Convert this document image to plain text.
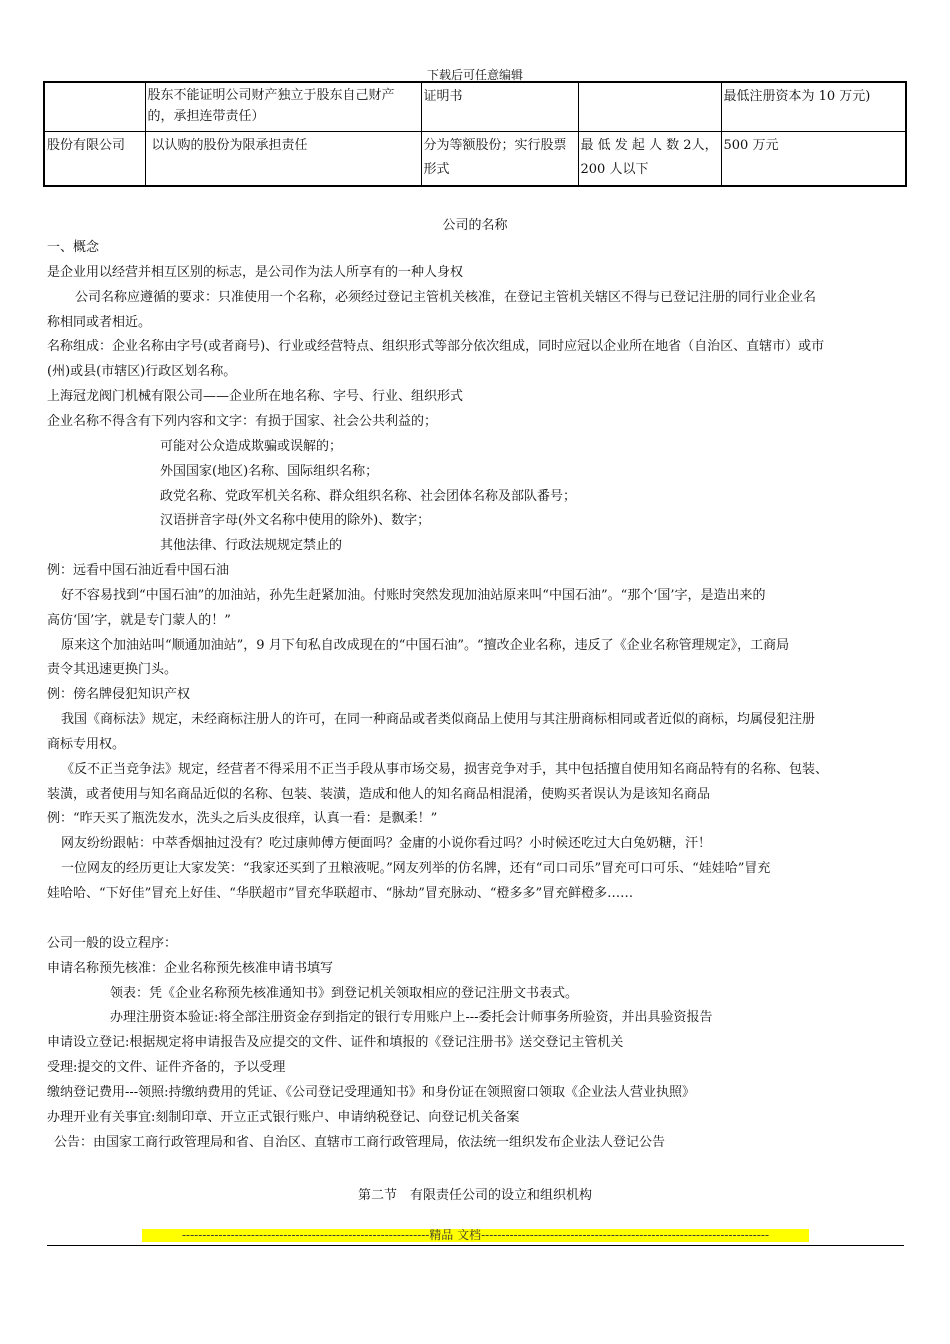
下载后可任意编辑
	股东不能证明公司财产独立于股东自己财产的，承担连带责任）	证明书		最低注册资本为 10 万元)
股份有限公司	以认购的股份为限承担责任	分为等额股份；实行股票形式	最 低 发 起 人 数 2人，200 人以下	500 万元
公司的名称
一、概念
是企业用以经营并相互区别的标志，是公司作为法人所享有的一种人身权
公司名称应遵循的要求：只准使用一个名称，必须经过登记主管机关核准，在登记主管机关辖区不得与已登记注册的同行业企业名
称相同或者相近。
名称组成：企业名称由字号(或者商号)、行业或经营特点、组织形式等部分依次组成，同时应冠以企业所在地省（自治区、直辖市）或市
(州)或县(市辖区)行政区划名称。
上海冠龙阀门机械有限公司——企业所在地名称、字号、行业、组织形式
企业名称不得含有下列内容和文字：有损于国家、社会公共利益的；
可能对公众造成欺骗或误解的；
外国国家(地区)名称、国际组织名称；
政党名称、党政军机关名称、群众组织名称、社会团体名称及部队番号；
汉语拼音字母(外文名称中使用的除外)、数字；
其他法律、行政法规规定禁止的
例：远看中国石油近看中国石油
好不容易找到“中国石油”的加油站，孙先生赶紧加油。付账时突然发现加油站原来叫“中国石油”。“那个‘国’字，是造出来的
高仿‘国’字，就是专门蒙人的！”
原来这个加油站叫“顺通加油站”，9 月下旬私自改成现在的“中国石油”。“擅改企业名称，违反了《企业名称管理规定》，工商局
责令其迅速更换门头。
例：傍名牌侵犯知识产权
我国《商标法》规定，未经商标注册人的许可，在同一种商品或者类似商品上使用与其注册商标相同或者近似的商标，均属侵犯注册
商标专用权。
《反不正当竞争法》规定，经营者不得采用不正当手段从事市场交易，损害竞争对手，其中包括擅自使用知名商品特有的名称、包装、
装潢，或者使用与知名商品近似的名称、包装、装潢，造成和他人的知名商品相混淆，使购买者误认为是该知名商品
例：“昨天买了瓶洗发水，洗头之后头皮很痒，认真一看：是飘柔！”
网友纷纷跟帖：中萃香烟抽过没有？吃过康帅傅方便面吗？金庸的小说你看过吗？小时候还吃过大白兔奶糖，汗！
一位网友的经历更让大家发笑：“我家还买到了丑粮液呢。”网友列举的仿名牌，还有“司口司乐”冒充可口可乐、“娃娃哈”冒充
娃哈哈、“下好佳”冒充上好佳、“华朕超市”冒充华联超市、“脉劫”冒充脉动、“橙多多”冒充鲜橙多……
公司一般的设立程序：
申请名称预先核准：企业名称预先核准申请书填写
领表：凭《企业名称预先核准通知书》到登记机关领取相应的登记注册文书表式。
办理注册资本验证:将全部注册资金存到指定的银行专用账户上---委托会计师事务所验资，并出具验资报告
申请设立登记:根据规定将申请报告及应提交的文件、证件和填报的《登记注册书》送交登记主管机关
受理:提交的文件、证件齐备的，予以受理
缴纳登记费用---领照:持缴纳费用的凭证、《公司登记受理通知书》和身份证在领照窗口领取《企业法人营业执照》
办理开业有关事宜:刻制印章、开立正式银行账户、申请纳税登记、向登记机关备案
公告：由国家工商行政管理局和省、自治区、直辖市工商行政管理局，依法统一组织发布企业法人登记公告
第二节　有限责任公司的设立和组织机构
-------------------------------------------------------------精品 文档-----------------------------------------------------------------------
